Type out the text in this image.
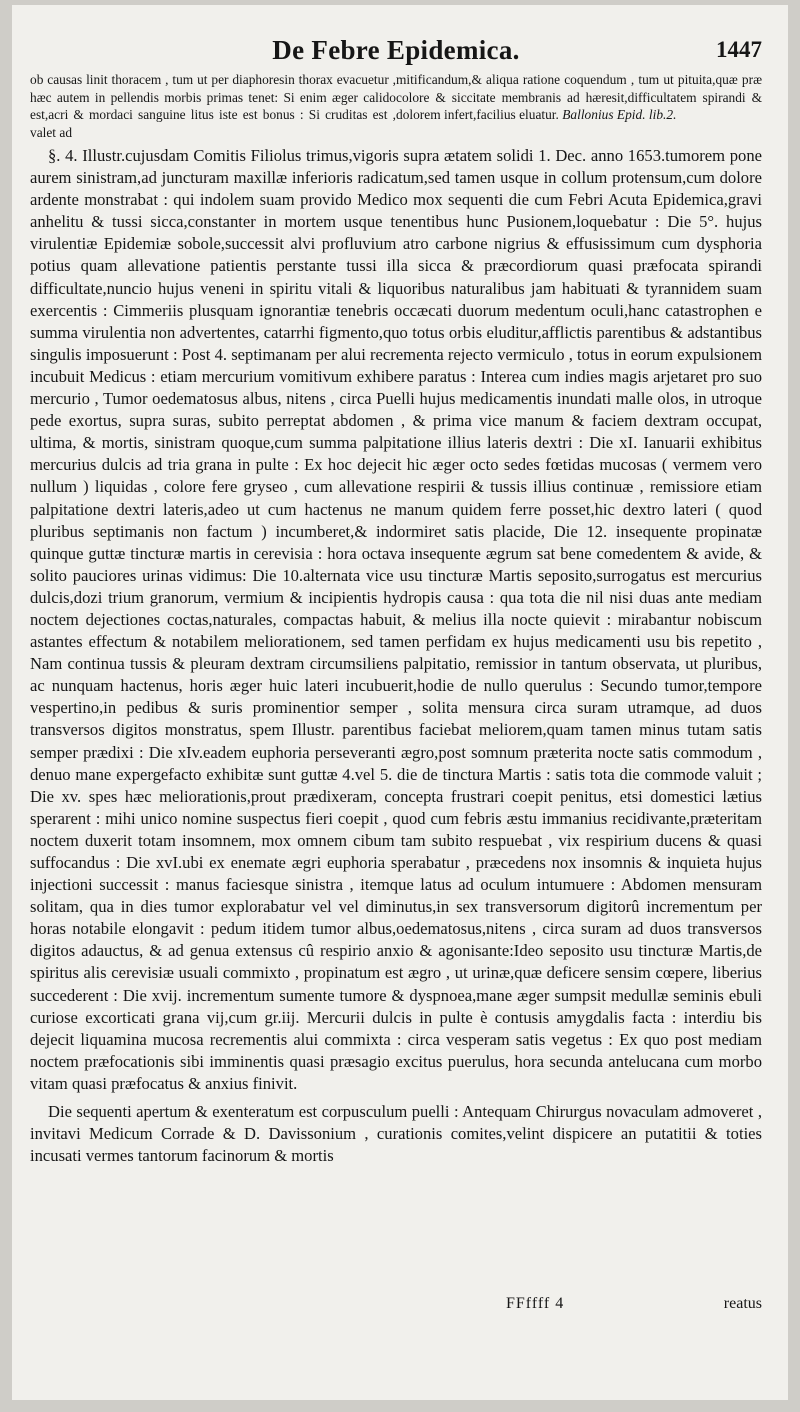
De Febre Epidemica.	1447

ob causas linit thoracem , tum ut per diaphoresin thorax evacuetur , hæc autem in pellendis morbis primas tenet: Si enim æger calido est,acri & mordaci sanguine litus iste est bonus : Si cruditas est , valet ad

mitificandum,& aliqua ratione coquendum , tum ut pituita,quæ præ colore & siccitate membranis ad hæresit,difficultatem spirandi & dolorem infert,facilius eluatur. Ballonius Epid. lib.2.

§. 4. Illustr.cujusdam Comitis Filiolus trimus,vigoris supra ætatem solidi 1. Dec. anno 1653.tumorem pone aurem sinistram,ad juncturam maxillæ inferioris radicatum,sed tamen usque in collum protensum,cum dolore ardente monstrabat : qui indolem suam provido Medico mox sequenti die cum Febri Acuta Epidemica,gravi anhelitu & tussi sicca,constanter in mortem usque tenentibus hunc Pusionem,loquebatur : Die 5°. hujus virulentiæ Epidemiæ sobole,successit alvi profluvium atro carbone nigrius & effusissimum cum dysphoria potius quam allevatione patientis perstante tussi illa sicca & præcordiorum quasi præfocata spirandi difficultate,nuncio hujus veneni in spiritu vitali & liquoribus naturalibus jam habituati & tyrannidem suam exercentis : Cimmeriis plusquam ignorantiæ tenebris occæcati duorum medentum oculi,hanc catastrophen e summa virulentia non advertentes, catarrhi figmento,quo totus orbis eluditur,afflictis parentibus & adstantibus singulis imposuerunt : Post 4. septimanam per alui recrementa rejecto vermiculo , totus in eorum expulsionem incubuit Medicus : etiam mercurium vomitivum exhibere paratus : Interea cum indies magis arjetaret pro suo mercurio , Tumor oedematosus albus, nitens , circa Puelli hujus medicamentis inundati malle olos, in utroque pede exortus, supra suras, subito perreptat abdomen , & prima vice manum & faciem dextram occupat, ultima, & mortis, sinistram quoque,cum summa palpitatione illius lateris dextri : Die xI. Ianuarii exhibitus mercurius dulcis ad tria grana in pulte : Ex hoc dejecit hic æger octo sedes fœtidas mucosas ( vermem vero nullum ) liquidas , colore fere gryseo , cum allevatione respirii & tussis illius continuæ , remissiore etiam palpitatione dextri lateris,adeo ut cum hactenus ne manum quidem ferre posset,hic dextro lateri ( quod pluribus septimanis non factum ) incumberet,& indormiret satis placide, Die 12. insequente propinatæ quinque guttæ tincturæ martis in cerevisia : hora octava insequente ægrum sat bene comedentem & avide, & solito pauciores urinas vidimus: Die 10.alternata vice usu tincturæ Martis seposito,surrogatus est mercurius dulcis,dozi trium granorum, vermium & incipientis hydropis causa : qua tota die nil nisi duas ante mediam noctem dejectiones coctas,naturales, compactas habuit, & melius illa nocte quievit : mirabantur nobiscum astantes effectum & notabilem meliorationem, sed tamen perfidam ex hujus medicamenti usu bis repetito , Nam continua tussis & pleuram dextram circumsiliens palpitatio, remissior in tantum observata, ut pluribus, ac nunquam hactenus, horis æger huic lateri incubuerit,hodie de nullo querulus : Secundo tumor,tempore vespertino,in pedibus & suris prominentior semper , solita mensura circa suram utramque, ad duos transversos digitos monstratus, spem Illustr. parentibus faciebat meliorem,quam tamen minus tutam satis semper prædixi : Die xIv.eadem euphoria perseveranti ægro,post somnum præterita nocte satis commodum , denuo mane expergefacto exhibitæ sunt guttæ 4.vel 5. die de tinctura Martis : satis tota die commode valuit ; Die xv. spes hæc meliorationis,prout prædixeram, concepta frustrari coepit penitus, etsi domestici lætius sperarent : mihi unico nomine suspectus fieri coepit , quod cum febris æstu immanius recidivante,præteritam noctem duxerit totam insomnem, mox omnem cibum tam subito respuebat , vix respirium ducens & quasi suffocandus : Die xvI.ubi ex enemate ægri euphoria sperabatur , præcedens nox insomnis & inquieta hujus injectioni successit : manus faciesque sinistra , itemque latus ad oculum intumuere : Abdomen mensuram solitam, qua in dies tumor explorabatur vel vel diminutus,in sex transversorum digitorû incrementum per horas notabile elongavit : pedum itidem tumor albus,oedematosus,nitens , circa suram ad duos transversos digitos adauctus, & ad genua extensus cû respirio anxio & agonisante:Ideo seposito usu tincturæ Martis,de spiritus alis cerevisiæ usuali commixto , propinatum est ægro , ut urinæ,quæ deficere sensim cœpere, liberius succederent : Die xvij. incrementum sumente tumore & dyspnoea,mane æger sumpsit medullæ seminis ebuli curiose excorticati grana vij,cum gr.iij. Mercurii dulcis in pulte è contusis amygdalis facta : interdiu bis dejecit liquamina mucosa recrementis alui commixta : circa vesperam satis vegetus : Ex quo post mediam noctem præfocationis sibi imminentis quasi præsagio excitus puerulus, hora secunda antelucana cum morbo vitam quasi præfocatus & anxius finivit.

Die sequenti apertum & exenteratum est corpusculum puelli : Antequam Chirurgus novaculam admoveret , invitavi Medicum Corrade & D. Davissonium , curationis comites,velint dispicere an putatitii & toties incusati vermes tantorum facinorum & mortis

FFffff 4	reatus
